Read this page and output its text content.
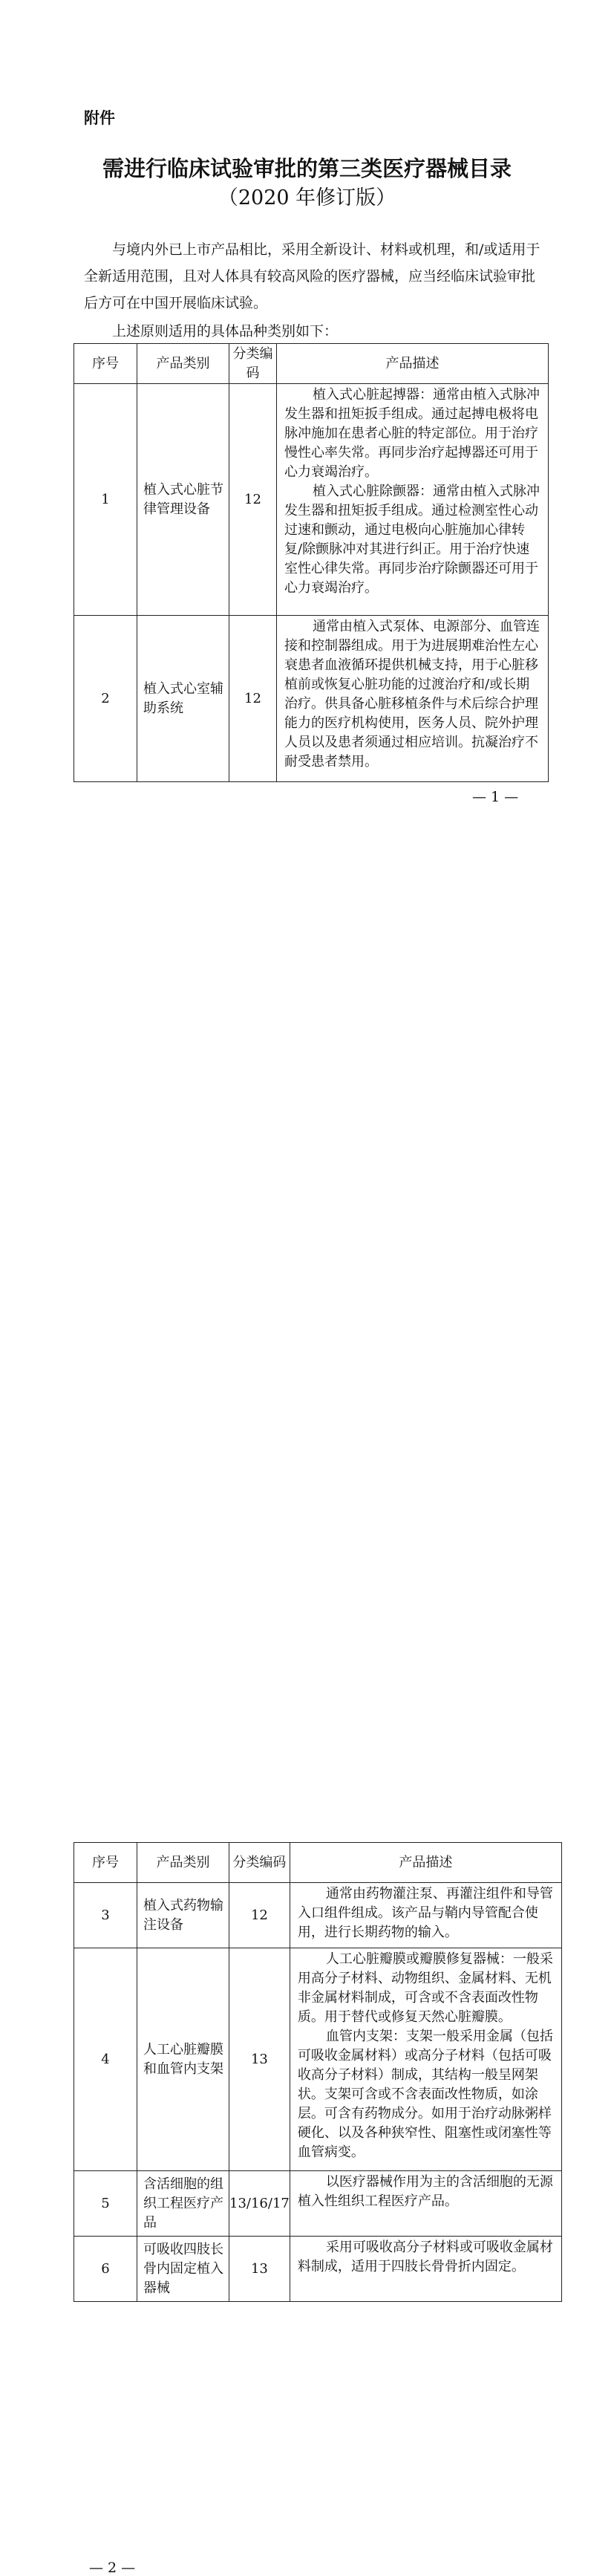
附件
需进行临床试验审批的第三类医疗器械目录
（2020 年修订版）
与境内外已上市产品相比，采用全新设计、材料或机理，和/或适用于全新适用范围，且对人体具有较高风险的医疗器械，应当经临床试验审批后方可在中国开展临床试验。
上述原则适用的具体品种类别如下：
序号	产品类别	分类编码	产品描述
1	植入式心脏节律管理设备	12	植入式心脏起搏器：通常由植入式脉冲发生器和扭矩扳手组成。通过起搏电极将电脉冲施加在患者心脏的特定部位。用于治疗慢性心率失常。再同步治疗起搏器还可用于心力衰竭治疗。

植入式心脏除颤器：通常由植入式脉冲发生器和扭矩扳手组成。通过检测室性心动过速和颤动，通过电极向心脏施加心律转复/除颤脉冲对其进行纠正。用于治疗快速室性心律失常。再同步治疗除颤器还可用于心力衰竭治疗。

2	植入式心室辅助系统	12	通常由植入式泵体、电源部分、血管连接和控制器组成。用于为进展期难治性左心衰患者血液循环提供机械支持，用于心脏移植前或恢复心脏功能的过渡治疗和/或长期治疗。供具备心脏移植条件与术后综合护理能力的医疗机构使用，医务人员、院外护理人员以及患者须通过相应培训。抗凝治疗不耐受患者禁用。

— 1 —
序号	产品类别	分类编码	产品描述
3	植入式药物输注设备	12	通常由药物灌注泵、再灌注组件和导管入口组件组成。该产品与鞘内导管配合使用，进行长期药物的输入。

4	人工心脏瓣膜和血管内支架	13	人工心脏瓣膜或瓣膜修复器械：一般采用高分子材料、动物组织、金属材料、无机非金属材料制成，可含或不含表面改性物质。用于替代或修复天然心脏瓣膜。

血管内支架：支架一般采用金属（包括可吸收金属材料）或高分子材料（包括可吸收高分子材料）制成，其结构一般呈网架状。支架可含或不含表面改性物质，如涂层。可含有药物成分。如用于治疗动脉粥样硬化、以及各种狭窄性、阻塞性或闭塞性等血管病变。

5	含活细胞的组织工程医疗产品	13/16/17	以医疗器械作用为主的含活细胞的无源植入性组织工程医疗产品。

6	可吸收四肢长骨内固定植入器械	13	采用可吸收高分子材料或可吸收金属材料制成，适用于四肢长骨骨折内固定。

— 2 —
